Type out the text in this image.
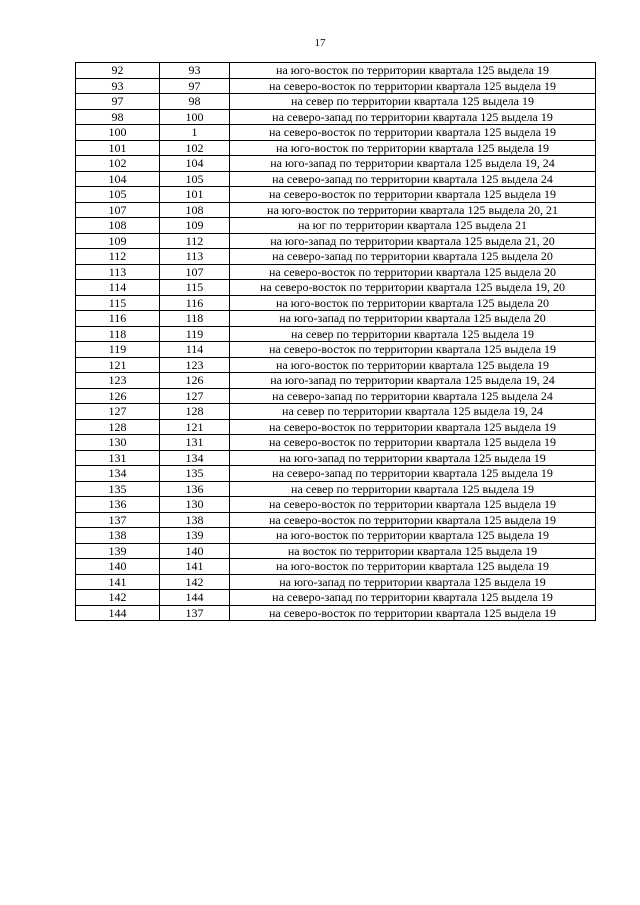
17
92	93	на юго-восток по территории квартала 125 выдела 19
93	97	на северо-восток по территории квартала 125 выдела 19
97	98	на север по территории квартала 125 выдела 19
98	100	на северо-запад по территории квартала 125 выдела 19
100	1	на северо-восток по территории квартала 125 выдела 19
101	102	на юго-восток по территории квартала 125 выдела 19
102	104	на юго-запад по территории квартала 125 выдела 19, 24
104	105	на северо-запад по территории квартала 125 выдела 24
105	101	на северо-восток по территории квартала 125 выдела 19
107	108	на юго-восток по территории квартала 125 выдела 20, 21
108	109	на юг по территории квартала 125 выдела 21
109	112	на юго-запад по территории квартала 125 выдела 21, 20
112	113	на северо-запад по территории квартала 125 выдела 20
113	107	на северо-восток по территории квартала 125 выдела 20
114	115	на северо-восток по территории квартала 125 выдела 19, 20
115	116	на юго-восток по территории квартала 125 выдела 20
116	118	на юго-запад по территории квартала 125 выдела 20
118	119	на север по территории квартала 125 выдела 19
119	114	на северо-восток по территории квартала 125 выдела 19
121	123	на юго-восток по территории квартала 125 выдела 19
123	126	на юго-запад по территории квартала 125 выдела 19, 24
126	127	на северо-запад по территории квартала 125 выдела 24
127	128	на север по территории квартала 125 выдела 19, 24
128	121	на северо-восток по территории квартала 125 выдела 19
130	131	на северо-восток по территории квартала 125 выдела 19
131	134	на юго-запад по территории квартала 125 выдела 19
134	135	на северо-запад по территории квартала 125 выдела 19
135	136	на север по территории квартала 125 выдела 19
136	130	на северо-восток по территории квартала 125 выдела 19
137	138	на северо-восток по территории квартала 125 выдела 19
138	139	на юго-восток по территории квартала 125 выдела 19
139	140	на восток по территории квартала 125 выдела 19
140	141	на юго-восток по территории квартала 125 выдела 19
141	142	на юго-запад по территории квартала 125 выдела 19
142	144	на северо-запад по территории квартала 125 выдела 19
144	137	на северо-восток по территории квартала 125 выдела 19
